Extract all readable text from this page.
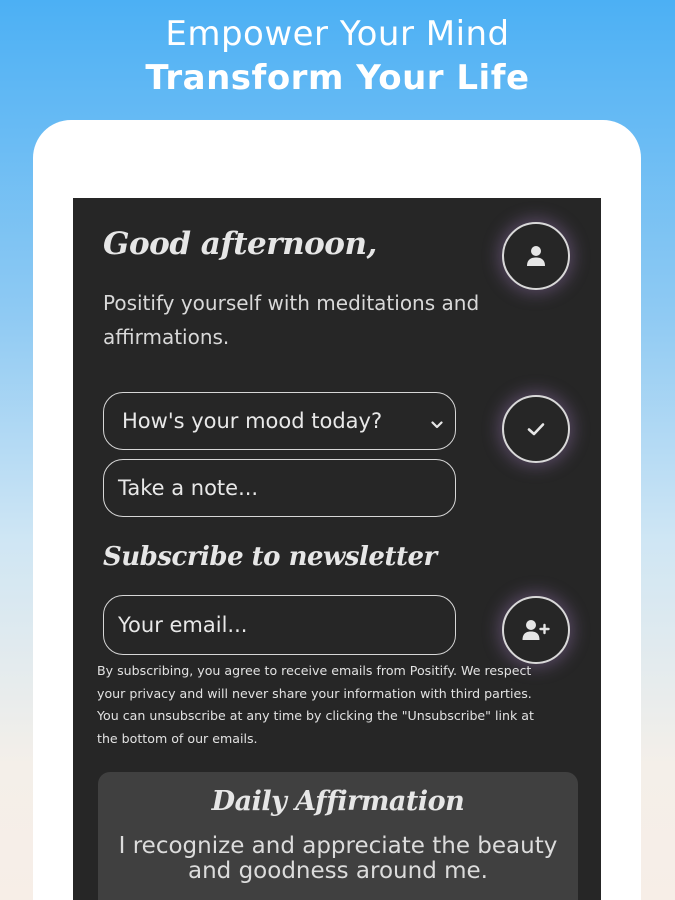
Empower Your Mind
Transform Your Life
Good afternoon,
Positify yourself with meditations and affirmations.
How's your mood today?
Take a note...
Subscribe to newsletter
Your email...
By subscribing, you agree to receive emails from Positify. We respect your privacy and will never share your information with third parties. You can unsubscribe at any time by clicking the "Unsubscribe" link at the bottom of our emails.
Daily Affirmation
I recognize and appreciate the beauty and goodness around me.
